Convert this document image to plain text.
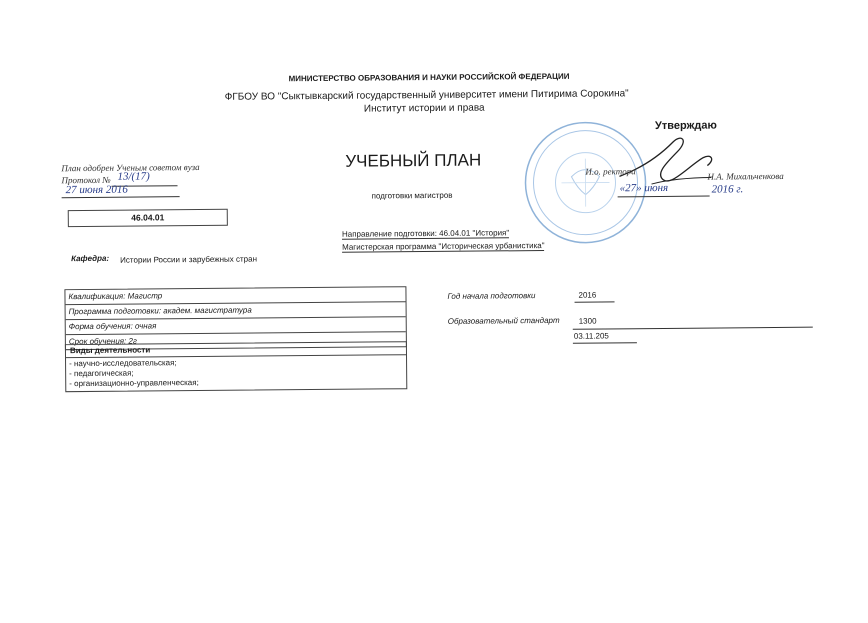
МИНИСТЕРСТВО ОБРАЗОВАНИЯ И НАУКИ РОССИЙСКОЙ ФЕДЕРАЦИИ
ФГБОУ ВО "Сыктывкарский государственный университет имени Питирима Сорокина"
Институт истории и права
Утверждаю
План одобрен Ученым советом вуза
Протокол № 13/(17)
27 июня 2016
УЧЕБНЫЙ ПЛАН
подготовки магистров
И.о. ректора	Н.А. Михальченкова
«27» июня	2016 г.
46.04.01
Направление подготовки: 46.04.01 "История"
Магистерская программа "Историческая урбанистика"
Кафедра: Истории России и зарубежных стран
Квалификация: Магистр
Программа подготовки: академ. магистратура
Форма обучения: очная
Срок обучения: 2г
Виды деятельности
- научно-исследовательская;
- педагогическая;
- организационно-управленческая;
Год начала подготовки	2016
Образовательный стандарт 1300
03.11.205
